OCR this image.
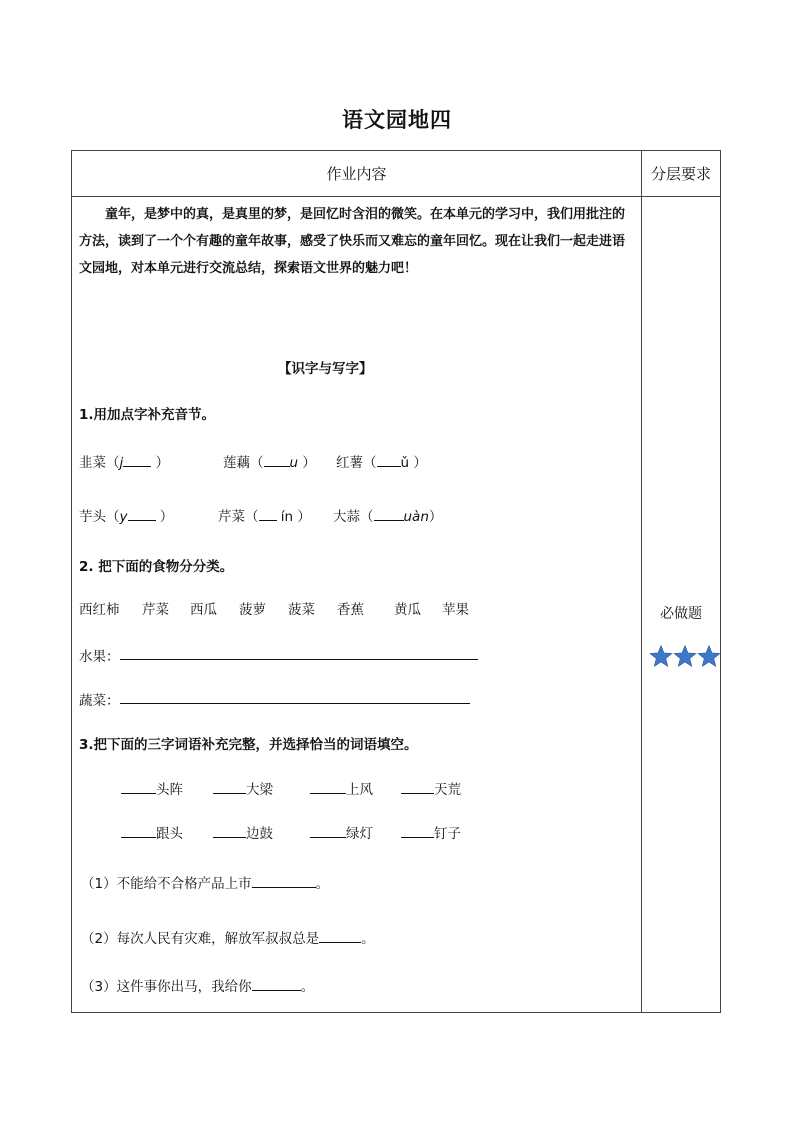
语文园地四
作业内容	分层要求
童年，是梦中的真，是真里的梦，是回忆时含泪的微笑。在本单元的学习中，我们用批注的方法，读到了一个个有趣的童年故事，感受了快乐而又难忘的童年回忆。现在让我们一起走进语文园地，对本单元进行交流总结，探索语文世界的魅力吧！
【识字与写字】
1.用加点字补充音节。
韭菜（j ）	莲藕（ u ） 红薯（ ǔ ）
芋头（y ）	芹菜（ ín ） 大蒜（ uàn）
2. 把下面的食物分分类。
西红柿 芹菜 西瓜 菠萝 菠菜 香蕉 黄瓜 苹果
水果：
蔬菜：
3.把下面的三字词语补充完整，并选择恰当的词语填空。
头阵	大梁	上风	天荒
跟头	边鼓	绿灯	钉子
（1）不能给不合格产品上市	。
（2）每次人民有灾难，解放军叔叔总是	。
（3）这件事你出马，我给你	。
必做题
